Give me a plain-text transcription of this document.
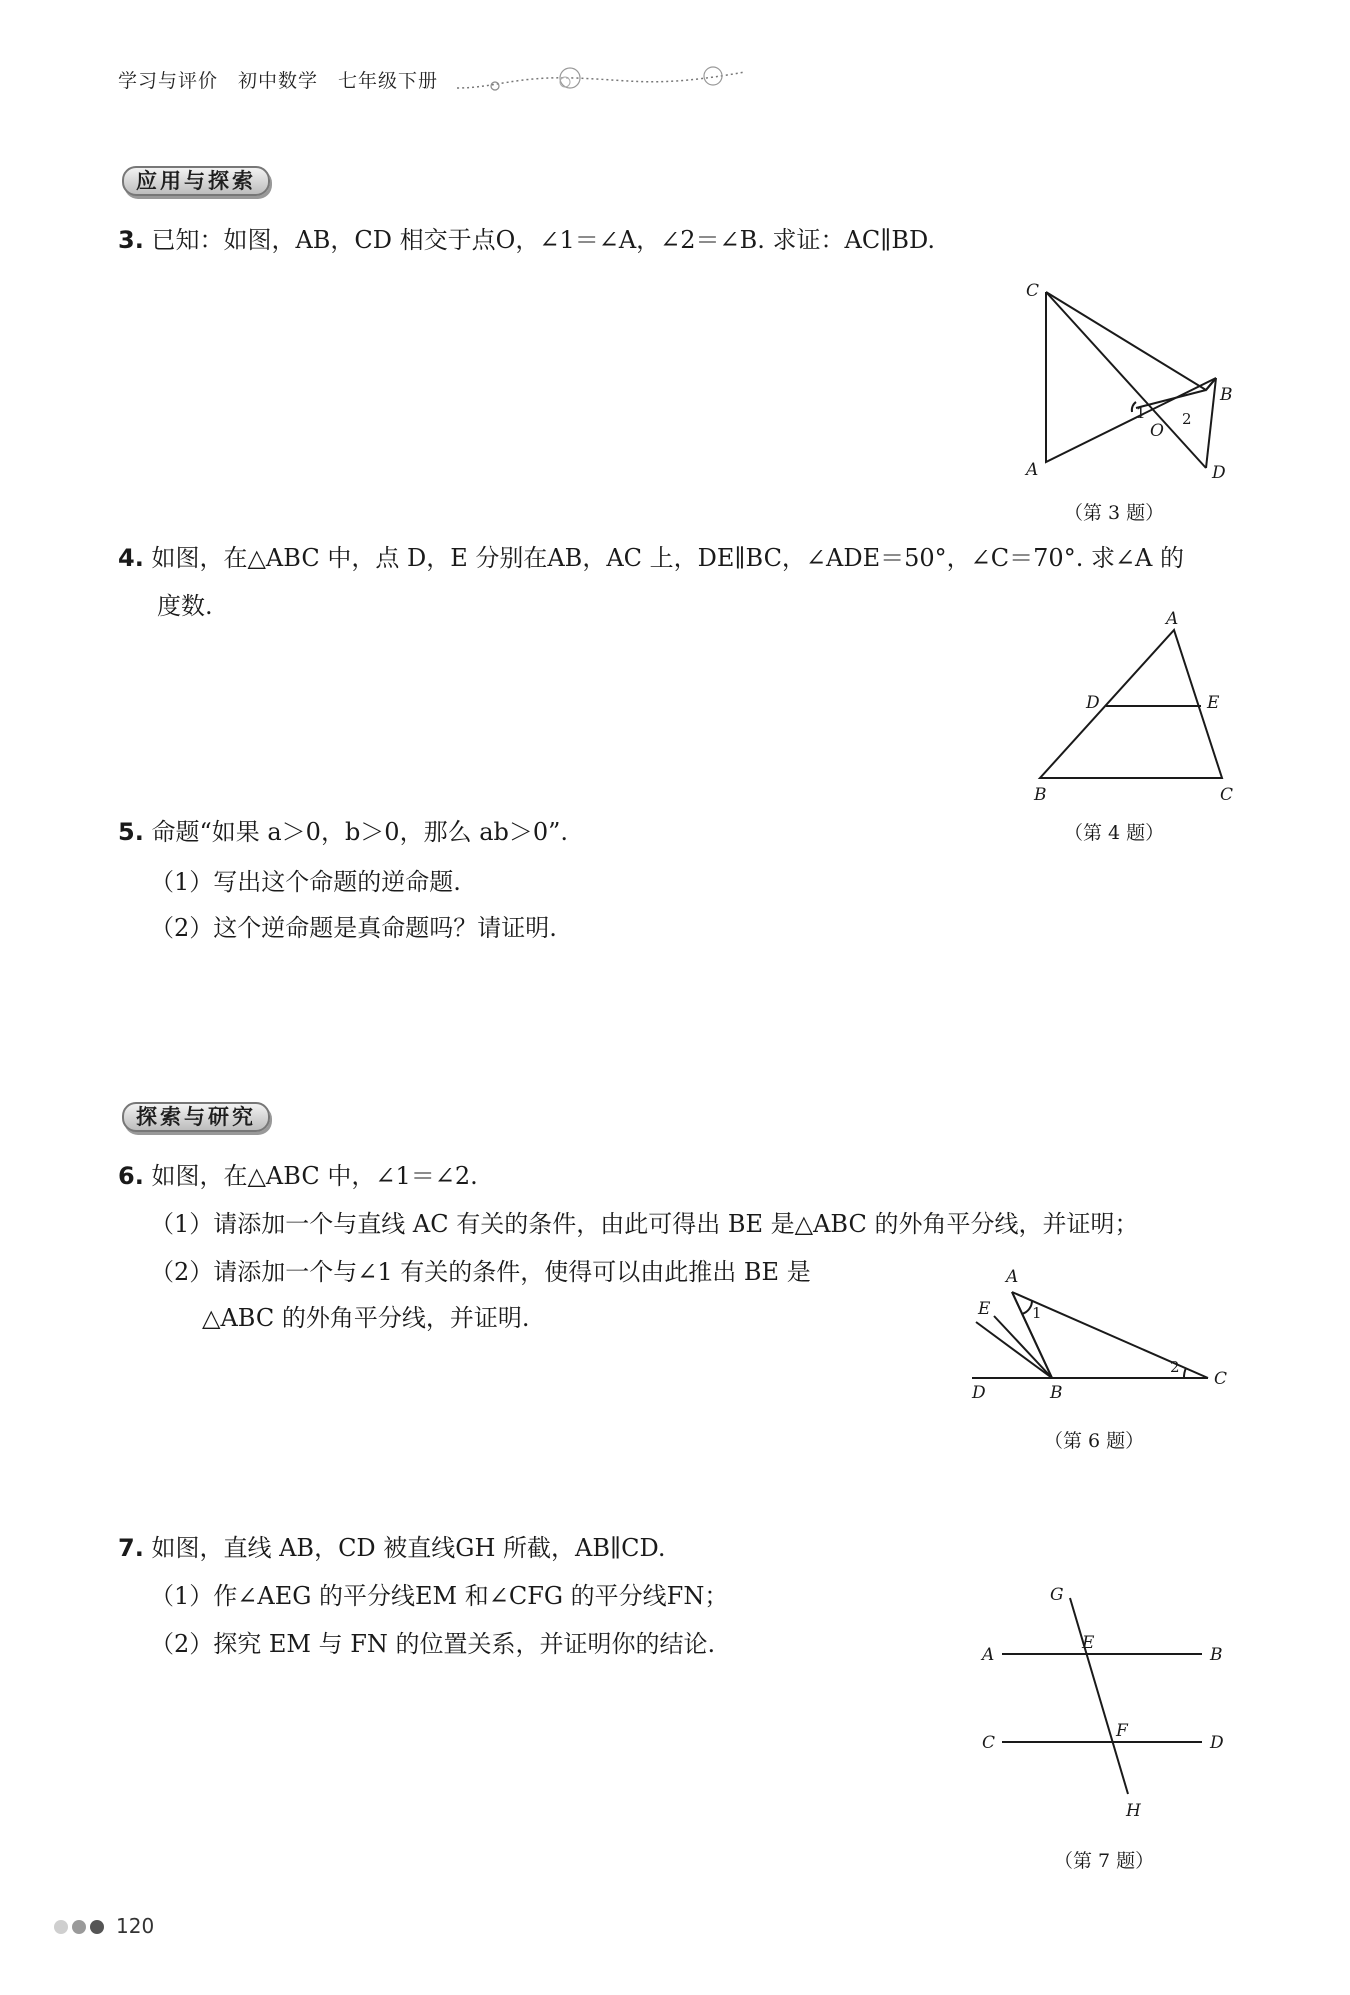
学习与评价　初中数学　七年级下册
应用与探索
3. 已知：如图，AB，CD 相交于点O，∠1＝∠A，∠2＝∠B. 求证：AC∥BD.
C
A
B
D
O
1 2
（第 3 题）
4. 如图，在△ABC 中，点 D，E 分别在AB，AC 上，DE∥BC，∠ADE＝50°，∠C＝70°. 求∠A 的
度数.	A
D	E
B	C
5. 命题“如果 a＞0，b＞0，那么 ab＞0”.	（第 4 题）
（1）写出这个命题的逆命题.
（2）这个逆命题是真命题吗？请证明.
探索与研究
6. 如图，在△ABC 中，∠1＝∠2.
（1）请添加一个与直线 AC 有关的条件，由此可得出 BE 是△ABC 的外角平分线，并证明；
（2）请添加一个与∠1 有关的条件，使得可以由此推出 BE 是
△ABC 的外角平分线，并证明.
A
E
D	B
C
1
2
（第 6 题）
7. 如图，直线 AB，CD 被直线GH 所截，AB∥CD.
（1）作∠AEG 的平分线EM 和∠CFG 的平分线FN；
（2）探究 EM 与 FN 的位置关系，并证明你的结论.
G
A
E
B
C
F
D
H
（第 7 题）
120
